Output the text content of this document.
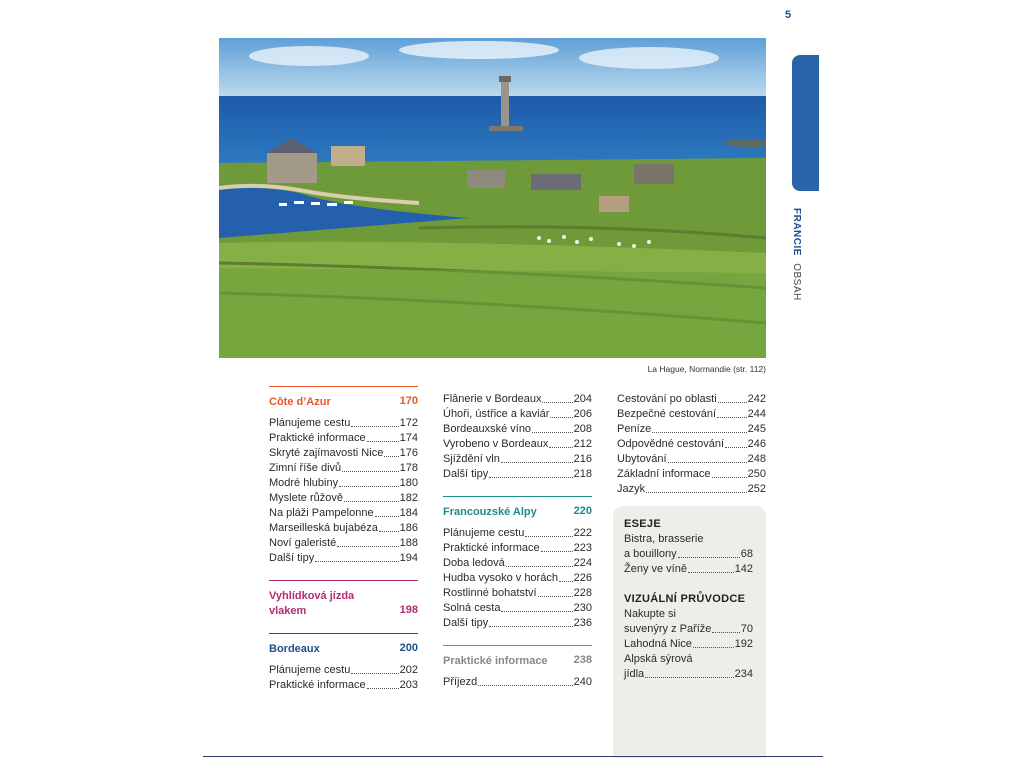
5
FRANCIE OBSAH
La Hague, Normandie (str. 112)
Côte d’Azur	170
Plánujeme cestu	172
Praktické informace	174
Skryté zajímavosti Nice 176
Zimní říše divů	178
Modré hlubiny	180
Myslete růžově	182
Na pláži Pampelonne 184
Marseilleská bujabéza 186
Noví galeristé	188
Další tipy	194
Vyhlídková jízda vlakem	198
Bordeaux	200
Plánujeme cestu	202
Praktické informace	203
Flânerie v Bordeaux	204
Úhoři, ústřice a kaviár 206
Bordeauxské víno	208
Vyrobeno v Bordeaux 212
Sjíždění vln	216
Další tipy	218
Francouzské Alpy	220
Plánujeme cestu	222
Praktické informace	223
Doba ledová	224
Hudba vysoko v horách 226
Rostlinné bohatství	228
Solná cesta	230
Další tipy	236
Praktické informace 238
Příjezd	240
Cestování po oblasti	242
Bezpečné cestování	244
Peníze	245
Odpovědné cestování 246
Ubytování	248
Základní informace	250
Jazyk	252
ESEJE
Bistra, brasserie
a bouillony	68
Ženy ve víně	142
VIZUÁLNÍ PRŮVODCE
Nakupte si
suvenýry z Paříže	70
Lahodná Nice	192
Alpská sýrová
jídla	234
